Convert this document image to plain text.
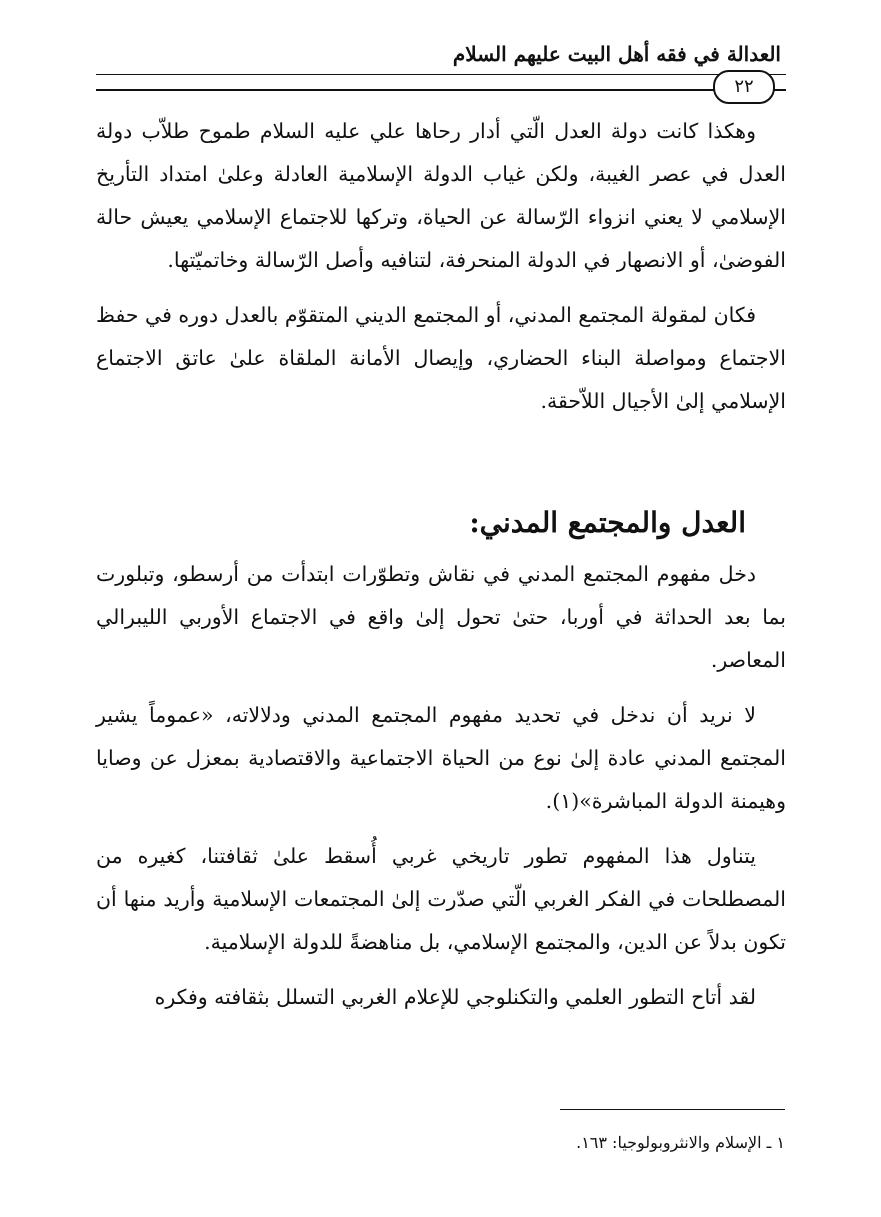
العدالة في فقه أهل البيت عليهم السلام
٢٢

وهكذا كانت دولة العدل الّتي أدار رحاها علي عليه السلام طموح طلاّب دولة العدل في عصر الغيبة، ولكن غياب الدولة الإسلامية العادلة وعلىٰ امتداد التأريخ الإسلامي لا يعني انزواء الرّسالة عن الحياة، وتركها للاجتماع الإسلامي يعيش حالة الفوضىٰ، أو الانصهار في الدولة المنحرفة، لتنافيه وأصل الرّسالة وخاتميّتها.

فكان لمقولة المجتمع المدني، أو المجتمع الديني المتقوّم بالعدل دوره في حفظ الاجتماع ومواصلة البناء الحضاري، وإيصال الأمانة الملقاة علىٰ عاتق الاجتماع الإسلامي إلىٰ الأجيال اللاّحقة.

العدل والمجتمع المدني:

دخل مفهوم المجتمع المدني في نقاش وتطوّرات ابتدأت من أرسطو، وتبلورت بما بعد الحداثة في أوربا، حتىٰ تحول إلىٰ واقع في الاجتماع الأوربي الليبرالي المعاصر.

لا نريد أن ندخل في تحديد مفهوم المجتمع المدني ودلالاته، «عموماً يشير المجتمع المدني عادة إلىٰ نوع من الحياة الاجتماعية والاقتصادية بمعزل عن وصايا وهيمنة الدولة المباشرة»(١).

يتناول هذا المفهوم تطور تاريخي غربي أُسقط علىٰ ثقافتنا، كغيره من المصطلحات في الفكر الغربي الّتي صدّرت إلىٰ المجتمعات الإسلامية وأريد منها أن تكون بدلاً عن الدين، والمجتمع الإسلامي، بل مناهضةً للدولة الإسلامية.

لقد أتاح التطور العلمي والتكنلوجي للإعلام الغربي التسلل بثقافته وفكره

١ ـ الإسلام والانثروبولوجيا: ١٦٣.
